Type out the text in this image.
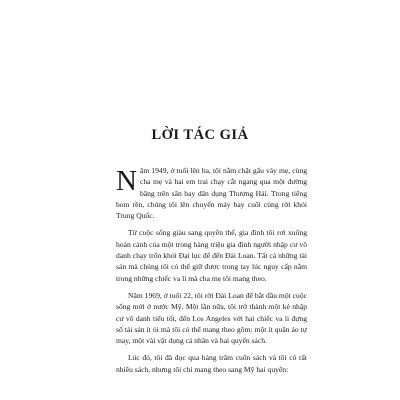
LỜI TÁC GIẢ

Năm 1949, ở tuổi lên ba, tôi nắm chặt gấu váy mẹ, cùng cha mẹ và hai em trai chạy cắt ngang qua một đường băng trên sân bay dân dụng Thượng Hải. Trong tiếng bom rền, chúng tôi lên chuyến máy bay cuối cùng rời khỏi Trung Quốc.

Từ cuộc sống giàu sang quyền thế, gia đình tôi rơi xuống hoàn cảnh của một trong hàng triệu gia đình người nhập cư vô danh chạy trốn khỏi Đại lục để đến Đài Loan. Tất cả những tài sản mà chúng tôi có thể giữ được trong tay lúc nguy cấp nằm trong những chiếc va li mà cha mẹ tôi mang theo.

Năm 1969, ở tuổi 22, tôi rời Đài Loan để bắt đầu một cuộc sống mới ở nước Mỹ. Một lần nữa, tôi trở thành một kẻ nhập cư vô danh tiểu tốt, đến Los Angeles với hai chiếc va li đựng số tài sản ít ỏi mà tôi có thể mang theo gồm: một ít quần áo tự may, một vài vật dụng cá nhân và hai quyển sách.

Lúc đó, tôi đã đọc qua hàng trăm cuốn sách và tôi có rất nhiều sách, nhưng tôi chỉ mang theo sang Mỹ hai quyển:
